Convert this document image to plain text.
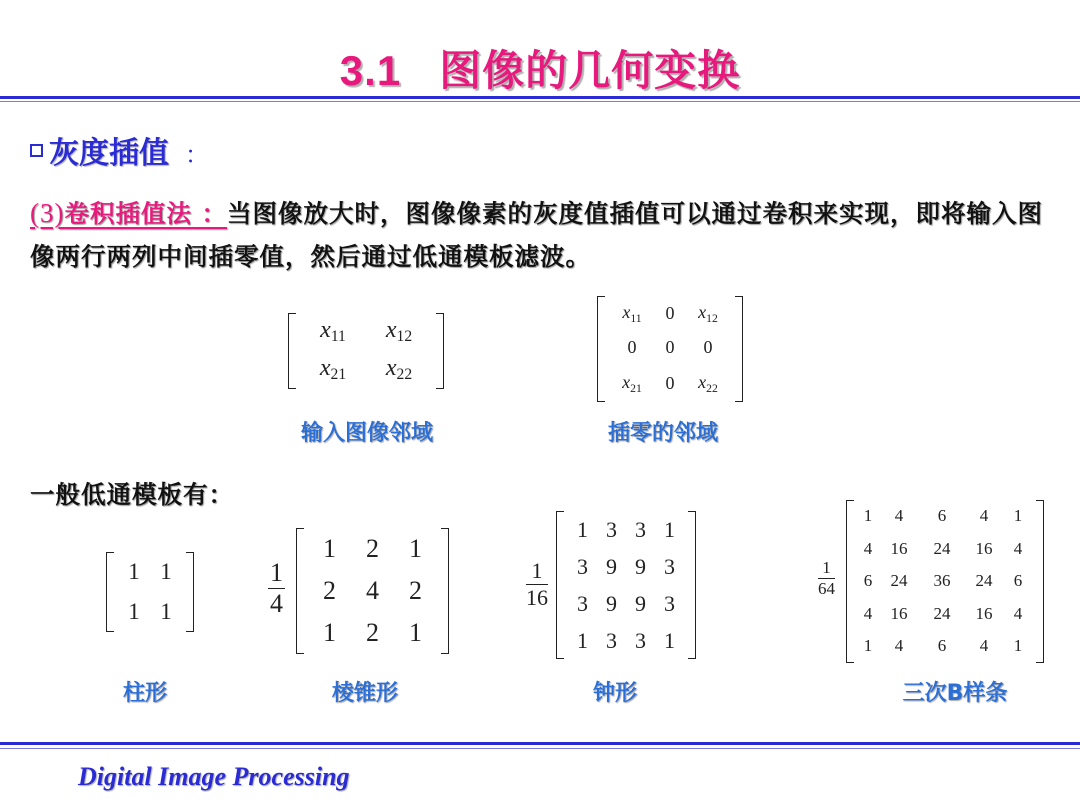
3.1 图像的几何变换
灰度插值 ：
(3)卷积插值法 ：当图像放大时，图像像素的灰度值插值可以通过卷积来实现，即将输入图像两行两列中间插零值，然后通过低通模板滤波。
$x_{11}$	$x_{12}$
$x_{21}$	$x_{22}$
输入图像邻域
$x_{11}$	0	$x_{12}$
0	0	0
$x_{21}$	0	$x_{22}$
插零的邻域
一般低通模板有：
1	1
1	1
柱形
$\frac{1}{4}$
1	2	1
2	4	2
1	2	1
棱锥形
$\frac{1}{16}$
1	3	3	1
3	9	9	3
3	9	9	3
1	3	3	1
钟形
$\frac{1}{64}$
1	4	6	4	1
4	16	24	16	4
6	24	36	24	6
4	16	24	16	4
1	4	6	4	1
三次B样条
Digital Image Processing
